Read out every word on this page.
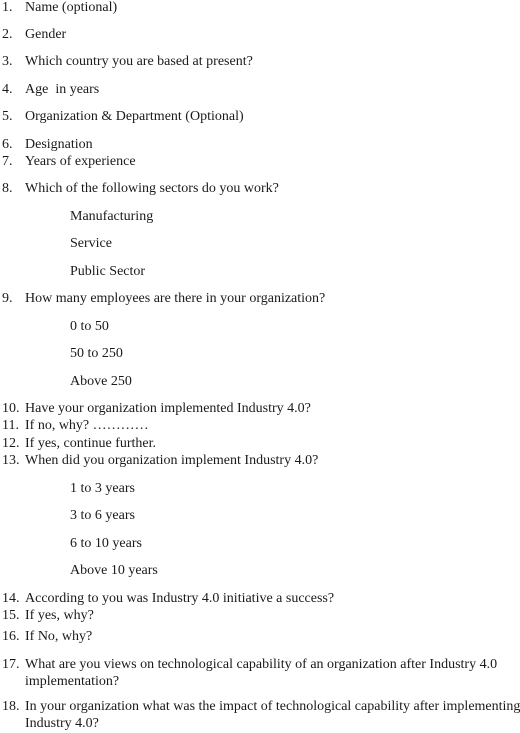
1. Name (optional)
2. Gender
3. Which country you are based at present?
4. Age  in years
5. Organization & Department (Optional)
6. Designation
7. Years of experience
8. Which of the following sectors do you work?
Manufacturing
Service
Public Sector
9. How many employees are there in your organization?
0 to 50
50 to 250
Above 250
10. Have your organization implemented Industry 4.0?
11. If no, why? …………
12. If yes, continue further.
13. When did you organization implement Industry 4.0?
1 to 3 years
3 to 6 years
6 to 10 years
Above 10 years
14. According to you was Industry 4.0 initiative a success?
15. If yes, why?
16. If No, why?
17. What are you views on technological capability of an organization after Industry 4.0
implementation?
18. In your organization what was the impact of technological capability after implementing
Industry 4.0?
